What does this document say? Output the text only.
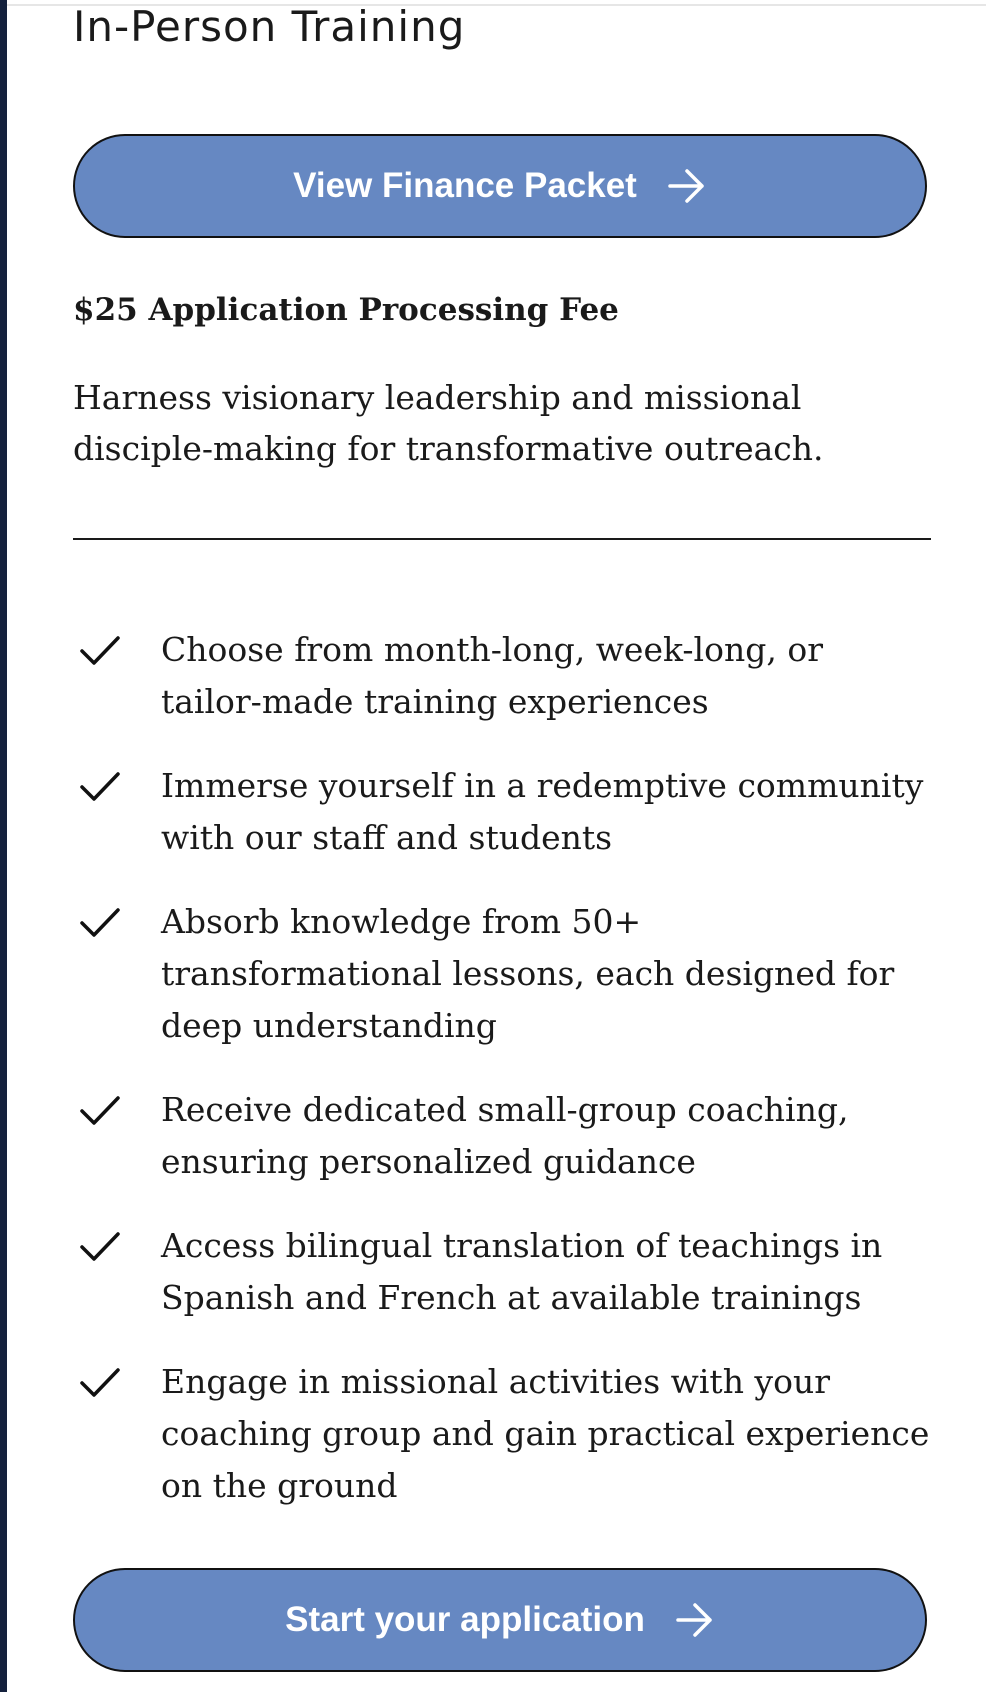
In-Person Training
View Finance Packet
$25 Application Processing Fee

Harness visionary leadership and missional disciple-making for transformative outreach.

Choose from month-long, week-long, or tailor-made training experiences
Immerse yourself in a redemptive community with our staff and students
Absorb knowledge from 50+ transformational lessons, each designed for deep understanding
Receive dedicated small-group coaching, ensuring personalized guidance
Access bilingual translation of teachings in Spanish and French at available trainings
Engage in missional activities with your coaching group and gain practical experience on the ground
Start your application
